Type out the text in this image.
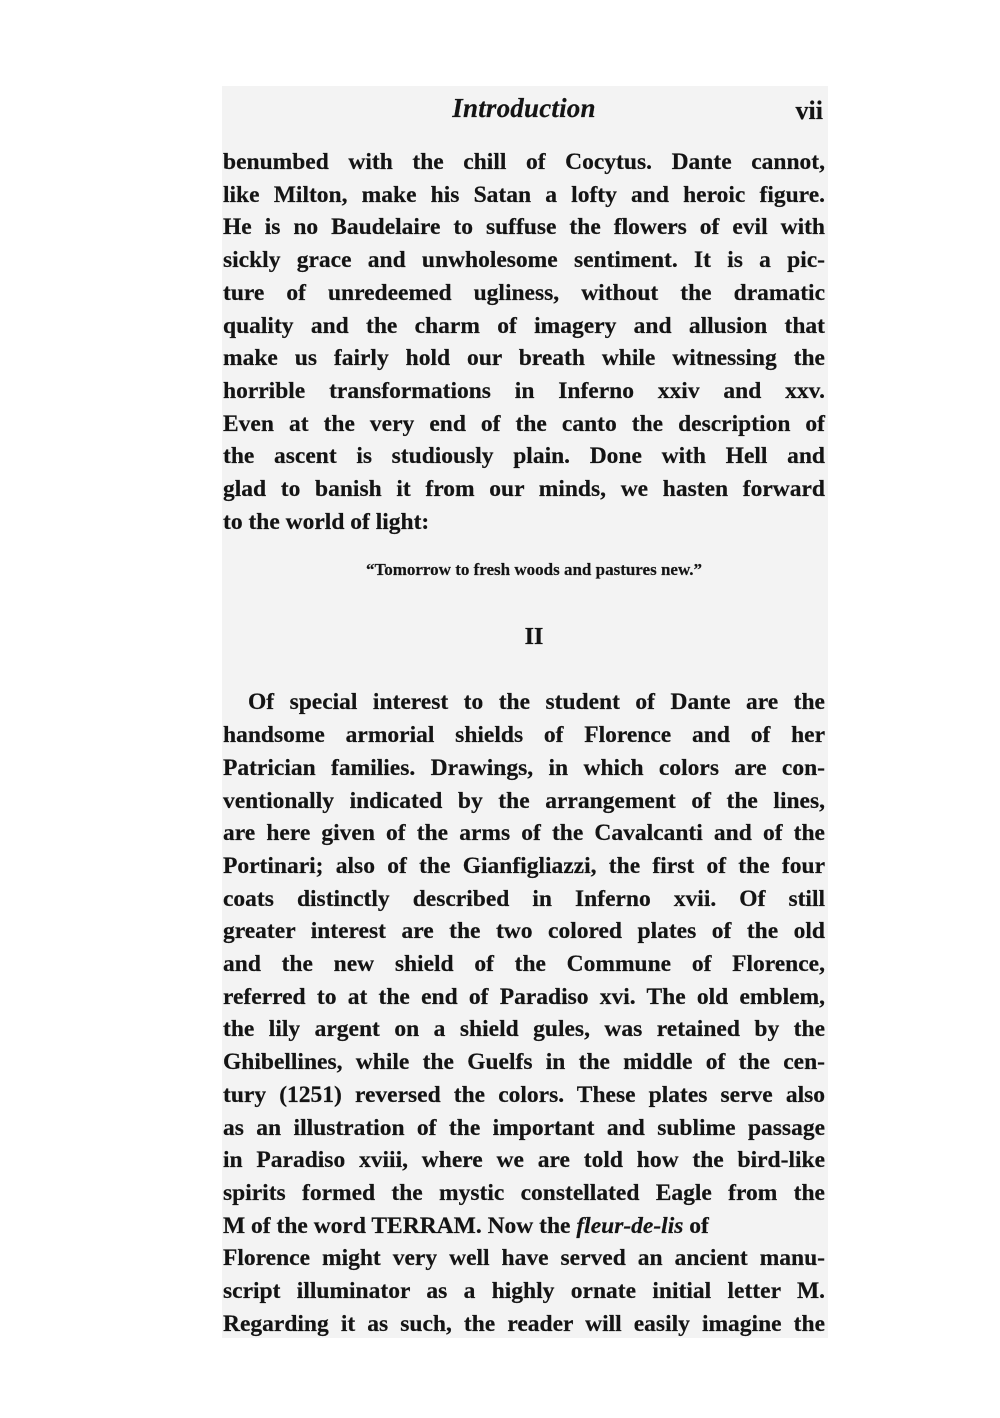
Introduction	vii
benumbed with the chill of Cocytus. Dante cannot,
like Milton, make his Satan a lofty and heroic figure.
He is no Baudelaire to suffuse the flowers of evil with
sickly grace and unwholesome sentiment. It is a pic-
ture of unredeemed ugliness, without the dramatic
quality and the charm of imagery and allusion that
make us fairly hold our breath while witnessing the
horrible transformations in Inferno xxiv and xxv.
Even at the very end of the canto the description of
the ascent is studiously plain. Done with Hell and
glad to banish it from our minds, we hasten forward
to the world of light:
“Tomorrow to fresh woods and pastures new.”
II
Of special interest to the student of Dante are the
handsome armorial shields of Florence and of her
Patrician families. Drawings, in which colors are con-
ventionally indicated by the arrangement of the lines,
are here given of the arms of the Cavalcanti and of the
Portinari; also of the Gianfigliazzi, the first of the four
coats distinctly described in Inferno xvii. Of still
greater interest are the two colored plates of the old
and the new shield of the Commune of Florence,
referred to at the end of Paradiso xvi. The old emblem,
the lily argent on a shield gules, was retained by the
Ghibellines, while the Guelfs in the middle of the cen-
tury (1251) reversed the colors. These plates serve also
as an illustration of the important and sublime passage
in Paradiso xviii, where we are told how the bird-like
spirits formed the mystic constellated Eagle from the
M of the word TERRAM. Now the fleur-de-lis of
Florence might very well have served an ancient manu-
script illuminator as a highly ornate initial letter M.
Regarding it as such, the reader will easily imagine the
